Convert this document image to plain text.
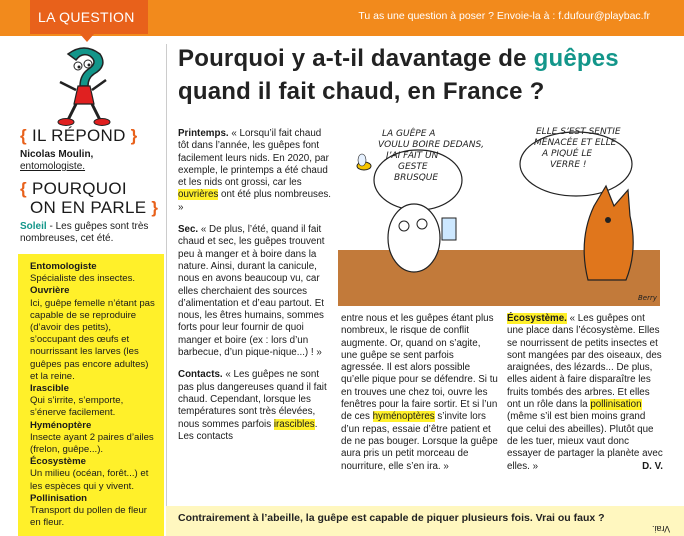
LA QUESTION	Tu as une question à poser ? Envoie-la à : f.dufour@playbac.fr
{ IL RÉPOND }
Nicolas Moulin,
entomologiste.
{ POURQUOI
ON EN PARLE }
Soleil - Les guêpes sont très nombreuses, cet été.
Entomologiste
Spécialiste des insectes.
Ouvrière
Ici, guêpe femelle n’étant pas capable de se reproduire (d’avoir des petits), s’occupant des œufs et nourrissant les larves (les guêpes pas encore adultes) et la reine.
Irascible
Qui s’irrite, s’emporte, s’énerve facilement.
Hyménoptère
Insecte ayant 2 paires d’ailes (frelon, guêpe...).
Écosystème
Un milieu (océan, forêt...) et les espèces qui y vivent.
Pollinisation
Transport du pollen de fleur en fleur.
Pourquoi y a-t-il davantage de guêpes
quand il fait chaud, en France ?

Printemps. « Lorsqu’il fait chaud tôt dans l’année, les guêpes font facilement leurs nids. En 2020, par exemple, le printemps a été chaud et les nids ont grossi, car les ouvrières ont été plus nombreuses. »

Sec. « De plus, l’été, quand il fait chaud et sec, les guêpes trouvent peu à manger et à boire dans la nature. Ainsi, durant la canicule, nous en avons beaucoup vu, car elles cherchaient des sources d’alimentation et d’eau partout. Et nous, les êtres humains, sommes forts pour leur fournir de quoi manger et boire (ex : lors d’un barbecue, d’un pique-nique...) ! »

Contacts. « Les guêpes ne sont pas plus dangereuses quand il fait chaud. Cependant, lorsque les températures sont très élevées, nous sommes parfois irascibles. Les contacts

LA GUÊPE A VOULU BOIRE DEDANS, J’AI FAIT UN GESTE BRUSQUE
ELLE S’EST SENTIE MENACÉE ET ELLE A PIQUÉ LE VERRE !
Berry

entre nous et les guêpes étant plus nombreux, le risque de conflit augmente. Or, quand on s’agite, une guêpe se sent parfois agressée. Il est alors possible qu’elle pique pour se défendre. Si tu en trouves une chez toi, ouvre les fenêtres pour la faire sortir. Et si l’un de ces hyménoptères s’invite lors d’un repas, essaie d’être patient et de ne pas bouger. Lorsque la guêpe aura pris un petit morceau de nourriture, elle s’en ira. »

Écosystème. « Les guêpes ont une place dans l’écosystème. Elles se nourrissent de petits insectes et sont mangées par des oiseaux, des araignées, des lézards... De plus, elles aident à faire disparaître les fruits tombés des arbres. Et elles ont un rôle dans la pollinisation (même s’il est bien moins grand que celui des abeilles). Plutôt que de les tuer, mieux vaut donc essayer de partager la planète avec elles. »	D. V.
Contrairement à l’abeille, la guêpe est capable de piquer plusieurs fois. Vrai ou faux ?
Vrai.
